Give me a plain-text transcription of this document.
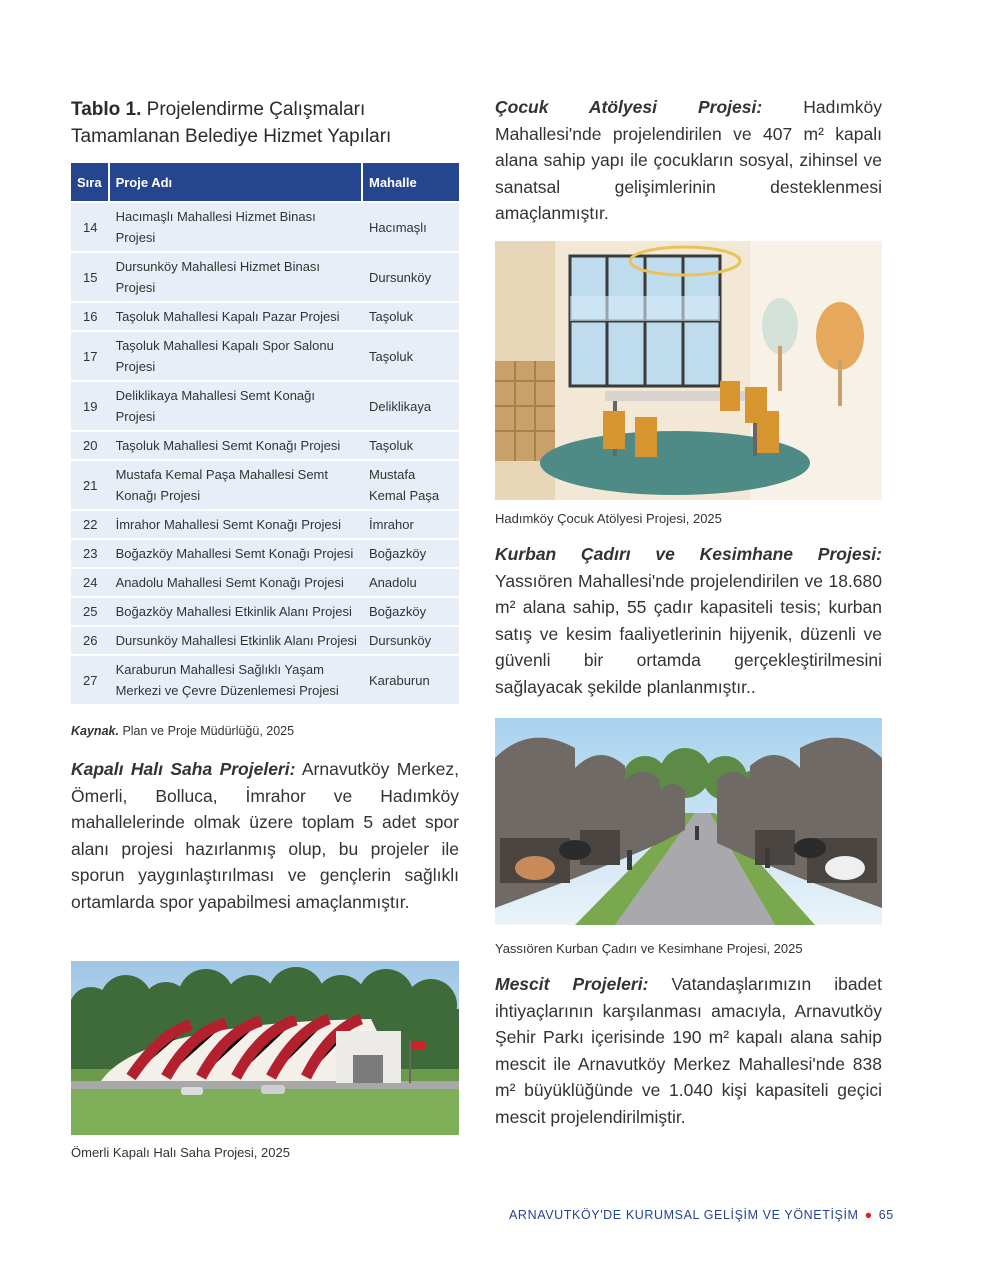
Tablo 1. Projelendirme Çalışmaları Tamamlanan Belediye Hizmet Yapıları
Sıra	Proje Adı	Mahalle
14	Hacımaşlı Mahallesi Hizmet Binası Projesi	Hacımaşlı
15	Dursunköy Mahallesi Hizmet Binası Projesi	Dursunköy
16	Taşoluk Mahallesi Kapalı Pazar Projesi	Taşoluk
17	Taşoluk Mahallesi Kapalı Spor Salonu Projesi	Taşoluk
19	Deliklikaya Mahallesi Semt Konağı Projesi	Deliklikaya
20	Taşoluk Mahallesi Semt Konağı Projesi	Taşoluk
21	Mustafa Kemal Paşa Mahallesi Semt Konağı Projesi	Mustafa Kemal Paşa
22	İmrahor Mahallesi Semt Konağı Projesi	İmrahor
23	Boğazköy Mahallesi Semt Konağı Projesi	Boğazköy
24	Anadolu Mahallesi Semt Konağı Projesi	Anadolu
25	Boğazköy Mahallesi Etkinlik Alanı Projesi	Boğazköy
26	Dursunköy Mahallesi Etkinlik Alanı Projesi	Dursunköy
27	Karaburun Mahallesi Sağlıklı Yaşam Merkezi ve Çevre Düzenlemesi Projesi	Karaburun
Kaynak. Plan ve Proje Müdürlüğü, 2025
Kapalı Halı Saha Projeleri: Arnavutköy Merkez, Ömerli, Bolluca, İmrahor ve Hadımköy mahallelerinde olmak üzere toplam 5 adet spor alanı projesi hazırlanmış olup, bu projeler ile sporun yaygınlaştırılması ve gençlerin sağlıklı ortamlarda spor yapabilmesi amaçlanmıştır.
Ömerli Kapalı Halı Saha Projesi, 2025
Çocuk Atölyesi Projesi: Hadımköy Mahallesi'nde projelendirilen ve 407 m² kapalı alana sahip yapı ile çocukların sosyal, zihinsel ve sanatsal gelişimlerinin desteklenmesi amaçlanmıştır.
Hadımköy Çocuk Atölyesi Projesi, 2025
Kurban Çadırı ve Kesimhane Projesi: Yassıören Mahallesi'nde projelendirilen ve 18.680 m² alana sahip, 55 çadır kapasiteli tesis; kurban satış ve kesim faaliyetlerinin hijyenik, düzenli ve güvenli bir ortamda gerçekleştirilmesini sağlayacak şekilde planlanmıştır..
Yassıören Kurban Çadırı ve Kesimhane Projesi, 2025
Mescit Projeleri: Vatandaşlarımızın ibadet ihtiyaçlarının karşılanması amacıyla, Arnavutköy Şehir Parkı içerisinde 190 m² kapalı alana sahip mescit ile Arnavutköy Merkez Mahallesi'nde 838 m² büyüklüğünde ve 1.040 kişi kapasiteli geçici mescit projelendirilmiştir.
ARNAVUTKÖY'DE KURUMSAL GELİŞİM VE YÖNETİŞİM ● 65
